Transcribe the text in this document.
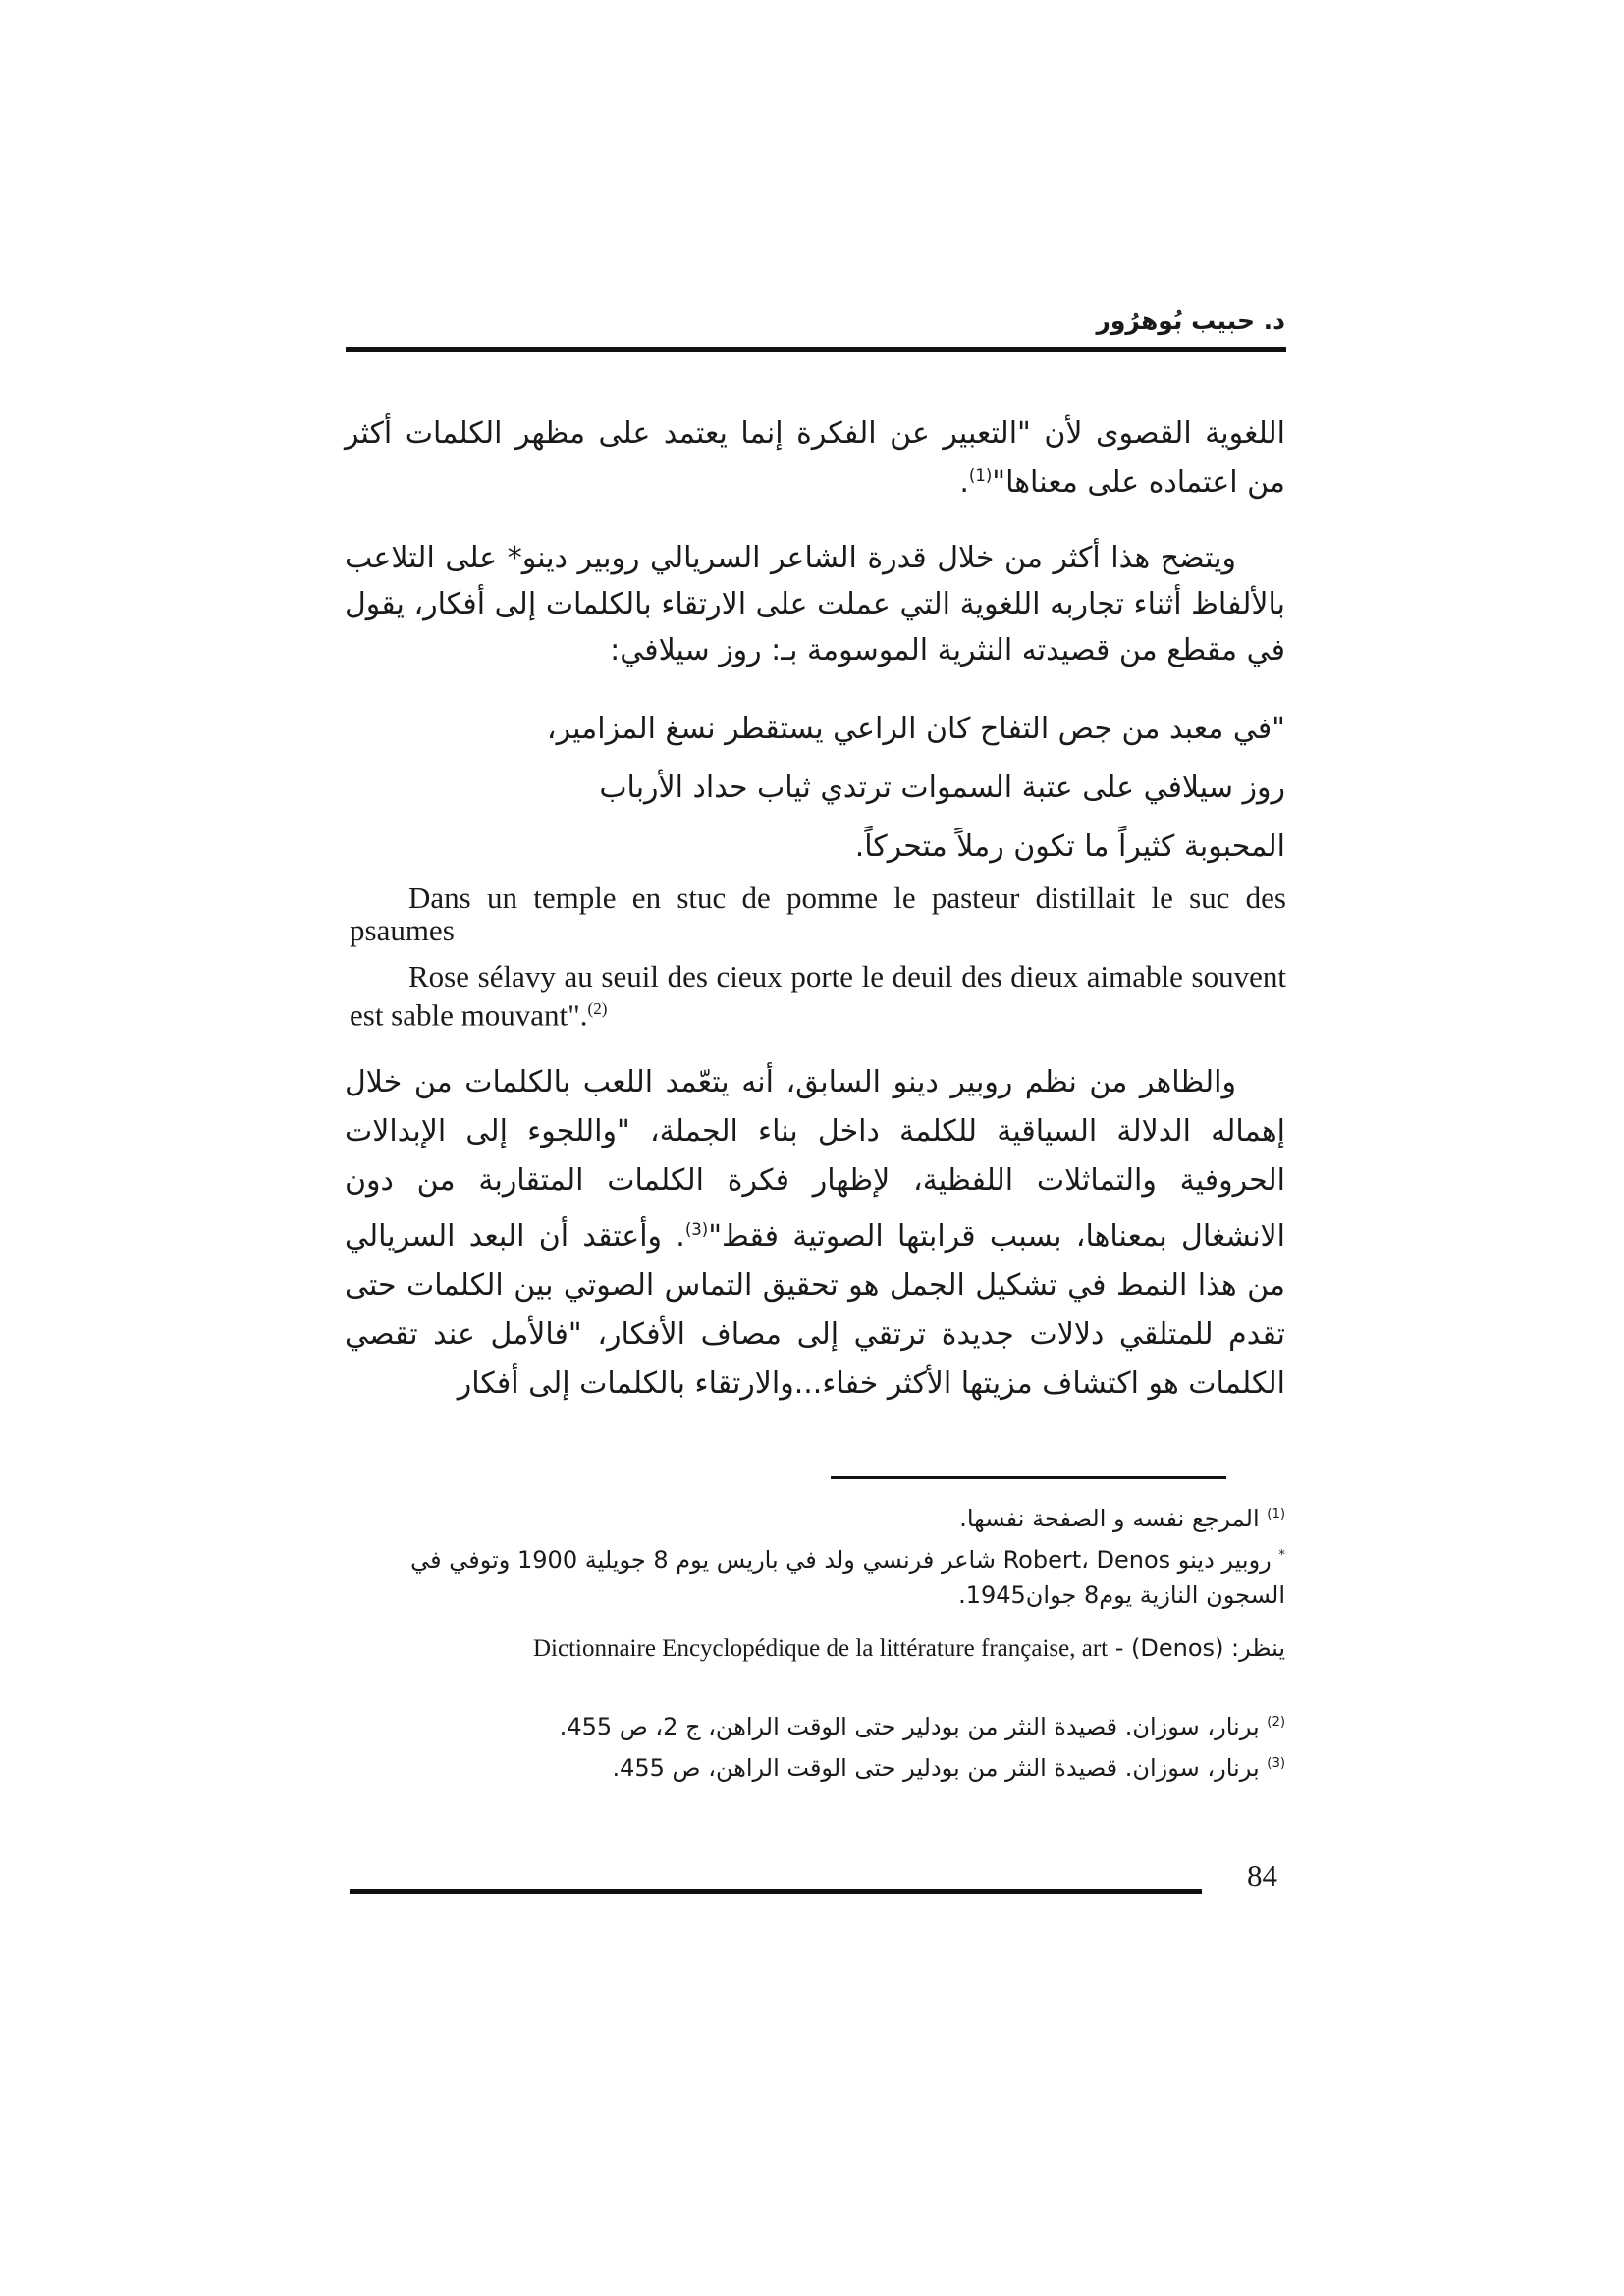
د. حبيب بُوهرُور

اللغوية القصوى لأن "التعبير عن الفكرة إنما يعتمد على مظهر الكلمات أكثر من اعتماده على معناها"$^{(1)}$.

ويتضح هذا أكثر من خلال قدرة الشاعر السريالي روبير دينو* على التلاعب بالألفاظ أثناء تجاربه اللغوية التي عملت على الارتقاء بالكلمات إلى أفكار، يقول في مقطع من قصيدته النثرية الموسومة بـ: روز سيلافي:

"في معبد من جص التفاح كان الراعي يستقطر نسغ المزامير،
روز سيلافي على عتبة السموات ترتدي ثياب حداد الأرباب
المحبوبة كثيراً ما تكون رملاً متحركاً.

Dans un temple en stuc de pomme le pasteur distillait le suc des psaumes

Rose sélavy au seuil des cieux porte le deuil des dieux aimable souvent est sable mouvant".$^{(2)}$

والظاهر من نظم روبير دينو السابق، أنه يتعّمد اللعب بالكلمات من خلال إهماله الدلالة السياقية للكلمة داخل بناء الجملة، "واللجوء إلى الإبدالات الحروفية والتماثلات اللفظية، لإظهار فكرة الكلمات المتقاربة من دون الانشغال بمعناها، بسبب قرابتها الصوتية فقط"$^{(3)}$. وأعتقد أن البعد السريالي من هذا النمط في تشكيل الجمل هو تحقيق التماس الصوتي بين الكلمات حتى تقدم للمتلقي دلالات جديدة ترتقي إلى مصاف الأفكار، "فالأمل عند تقصي الكلمات هو اكتشاف مزيتها الأكثر خفاء...والارتقاء بالكلمات إلى أفكار

$^{(1)}$ المرجع نفسه و الصفحة نفسها.
* روبير دينو Robert، Denos شاعر فرنسي ولد في باريس يوم 8 جويلية 1900 وتوفي في السجون النازية يوم8 جوان1945.
ينظر: (Denos) - Dictionnaire Encyclopédique de la littérature française, art
$^{(2)}$ برنار، سوزان. قصيدة النثر من بودلير حتى الوقت الراهن، ج 2، ص 455.
$^{(3)}$ برنار، سوزان. قصيدة النثر من بودلير حتى الوقت الراهن، ص 455.
84
